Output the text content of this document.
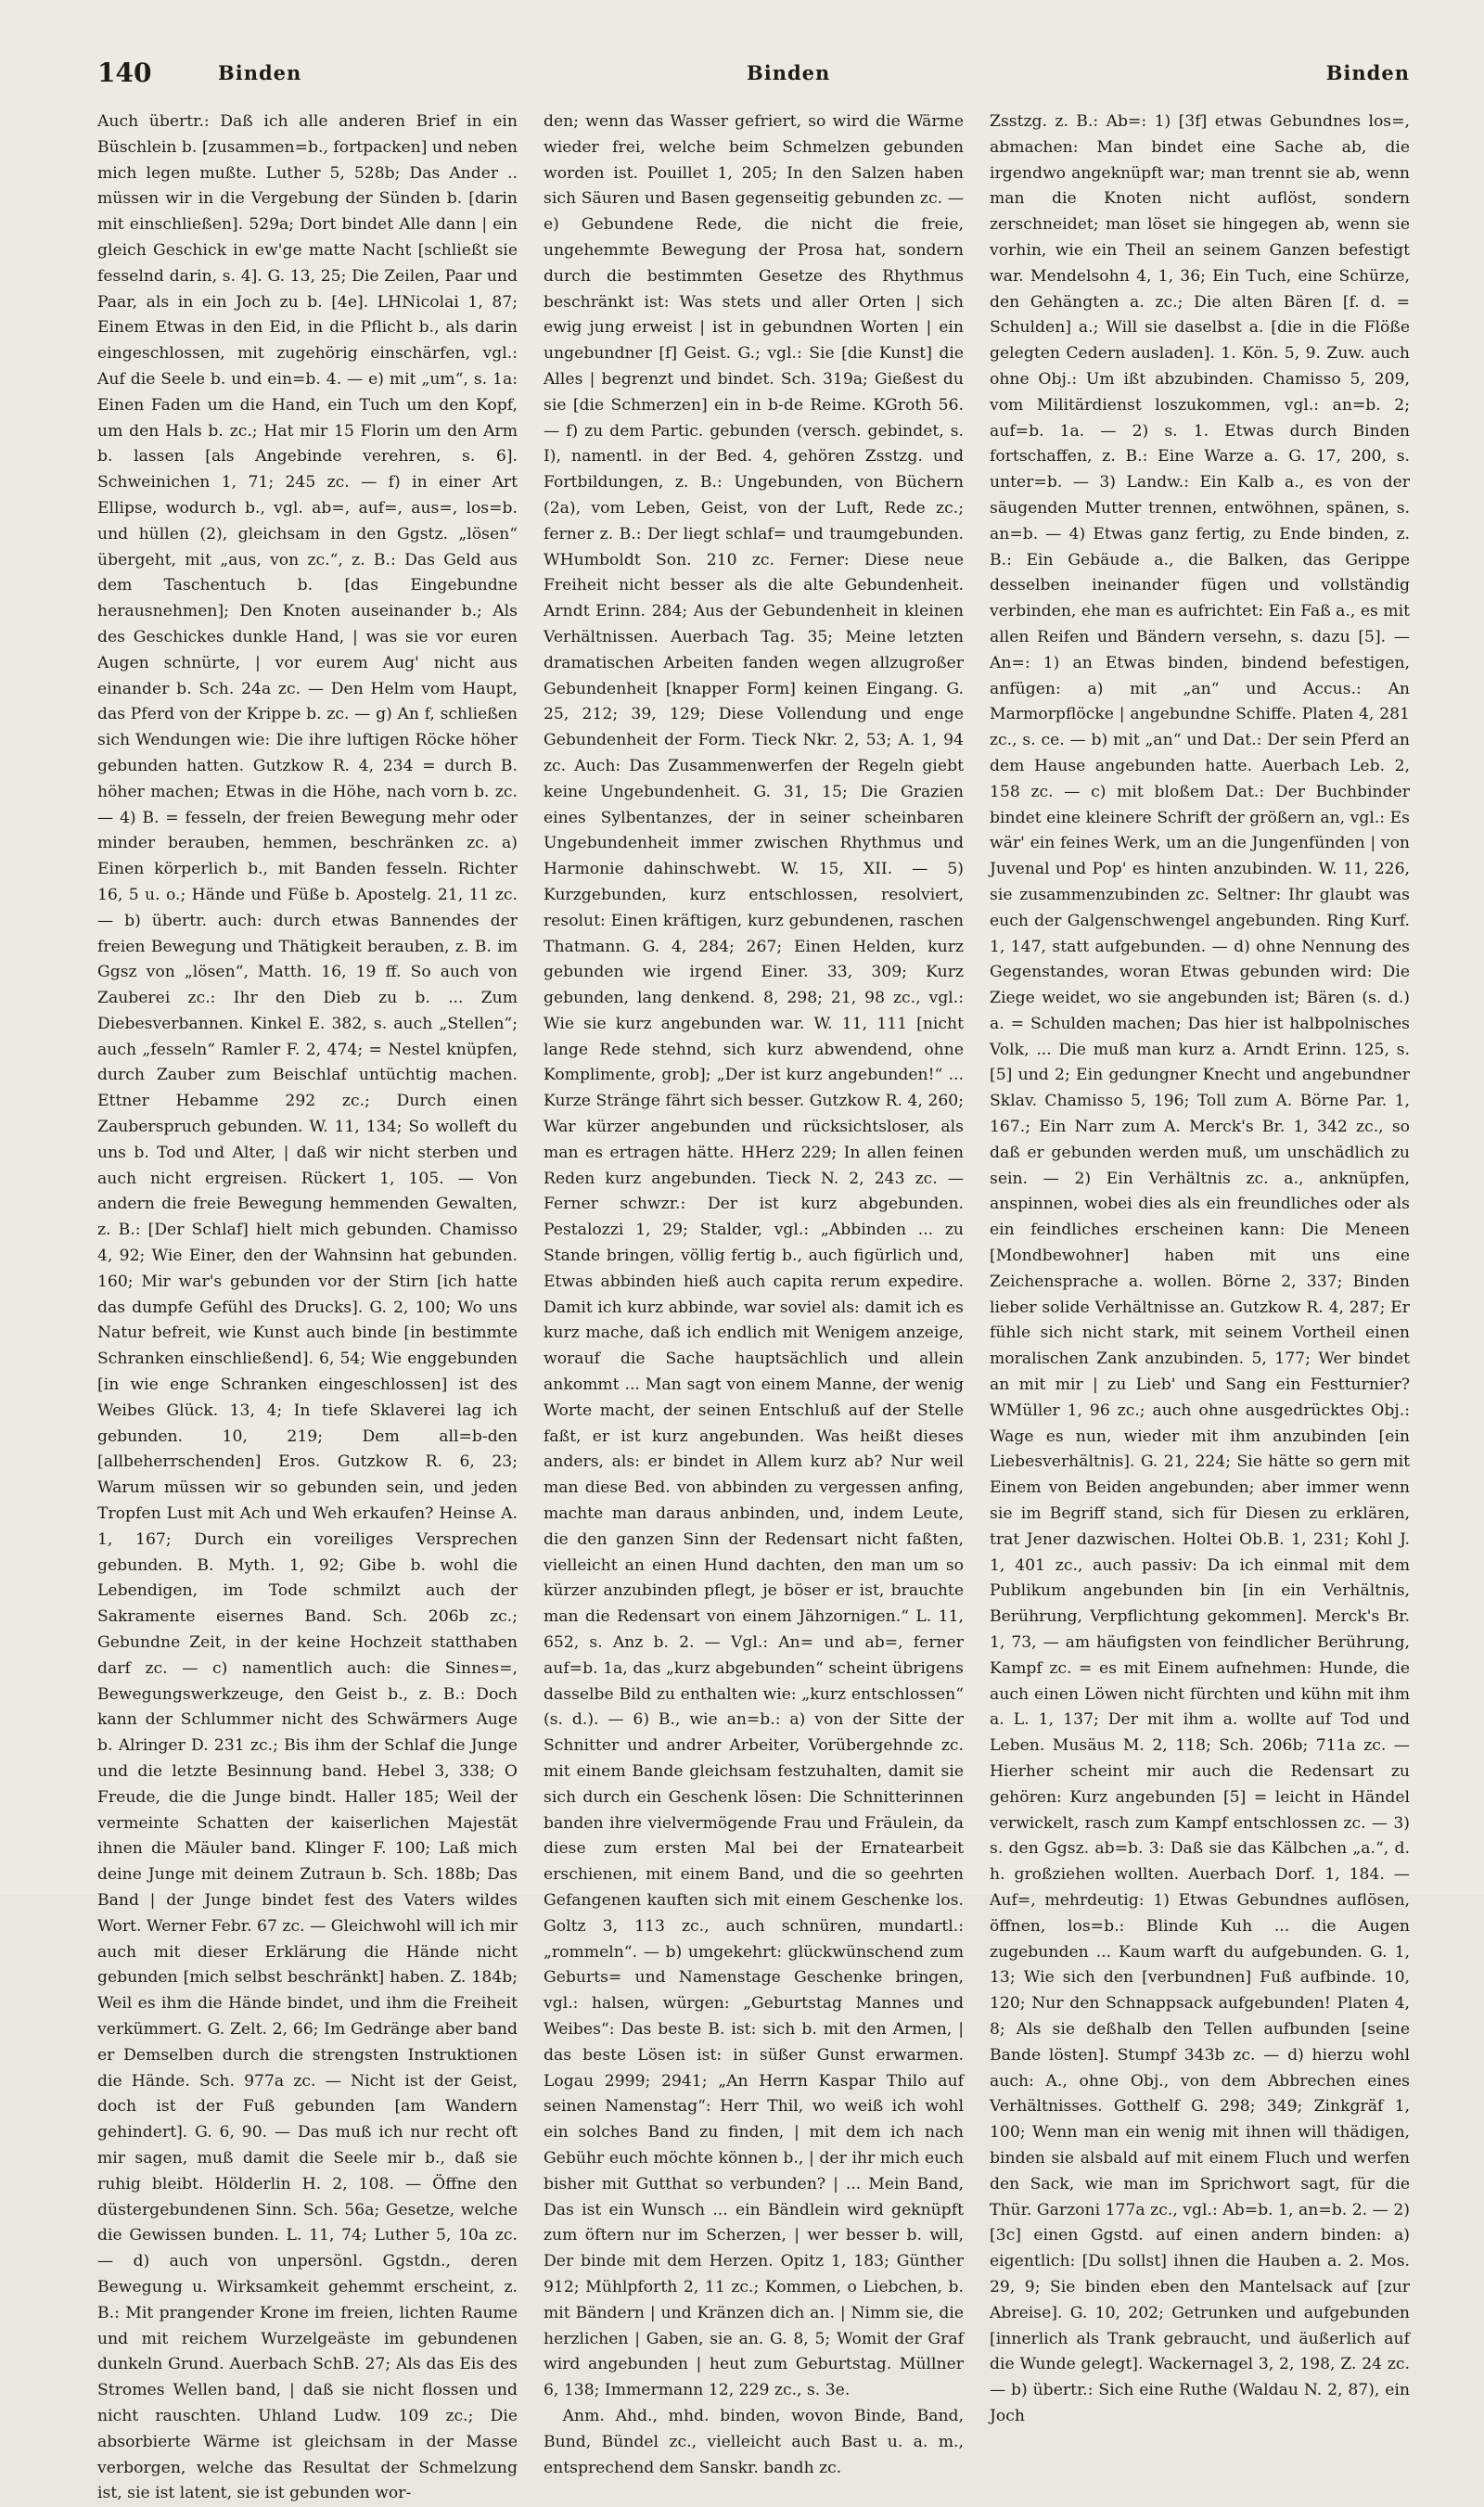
140	Binden	Binden	Binden

Auch übertr.: Daß ich alle anderen Brief in ein Büschlein b. [zusammen=b., fortpacken] und neben mich legen mußte. Luther 5, 528b; Das Ander .. müssen wir in die Vergebung der Sünden b. [darin mit einschließen]. 529a; Dort bindet Alle dann | ein gleich Geschick in ew'ge matte Nacht [schließt sie fesselnd darin, s. 4]. G. 13, 25; Die Zeilen, Paar und Paar, als in ein Joch zu b. [4e]. LHNicolai 1, 87; Einem Etwas in den Eid, in die Pflicht b., als darin eingeschlossen, mit zugehörig einschärfen, vgl.: Auf die Seele b. und ein=b. 4. — e) mit „um“, s. 1a: Einen Faden um die Hand, ein Tuch um den Kopf, um den Hals b. zc.; Hat mir 15 Florin um den Arm b. lassen [als Angebinde verehren, s. 6]. Schweinichen 1, 71; 245 zc. — f) in einer Art Ellipse, wodurch b., vgl. ab=, auf=, aus=, los=b. und hüllen (2), gleichsam in den Ggstz. „lösen“ übergeht, mit „aus, von zc.“, z. B.: Das Geld aus dem Taschentuch b. [das Eingebundne herausnehmen]; Den Knoten auseinander b.; Als des Geschickes dunkle Hand, | was sie vor euren Augen schnürte, | vor eurem Aug' nicht aus einander b. Sch. 24a zc. — Den Helm vom Haupt, das Pferd von der Krippe b. zc. — g) An f, schließen sich Wendungen wie: Die ihre luftigen Röcke höher gebunden hatten. Gutzkow R. 4, 234 = durch B. höher machen; Etwas in die Höhe, nach vorn b. zc. — 4) B. = fesseln, der freien Bewegung mehr oder minder berauben, hemmen, beschränken zc. a) Einen körperlich b., mit Banden fesseln. Richter 16, 5 u. o.; Hände und Füße b. Apostelg. 21, 11 zc. — b) übertr. auch: durch etwas Bannendes der freien Bewegung und Thätigkeit berauben, z. B. im Ggsz von „lösen“, Matth. 16, 19 ff. So auch von Zauberei zc.: Ihr den Dieb zu b. ... Zum Diebesverbannen. Kinkel E. 382, s. auch „Stellen“; auch „fesseln“ Ramler F. 2, 474; = Nestel knüpfen, durch Zauber zum Beischlaf untüchtig machen. Ettner Hebamme 292 zc.; Durch einen Zauberspruch gebunden. W. 11, 134; So wolleft du uns b. Tod und Alter, | daß wir nicht sterben und auch nicht ergreisen. Rückert 1, 105. — Von andern die freie Bewegung hemmenden Gewalten, z. B.: [Der Schlaf] hielt mich gebunden. Chamisso 4, 92; Wie Einer, den der Wahnsinn hat gebunden. 160; Mir war's gebunden vor der Stirn [ich hatte das dumpfe Gefühl des Drucks]. G. 2, 100; Wo uns Natur befreit, wie Kunst auch binde [in bestimmte Schranken einschließend]. 6, 54; Wie enggebunden [in wie enge Schranken eingeschlossen] ist des Weibes Glück. 13, 4; In tiefe Sklaverei lag ich gebunden. 10, 219; Dem all=b-den [allbeherrschenden] Eros. Gutzkow R. 6, 23; Warum müssen wir so gebunden sein, und jeden Tropfen Lust mit Ach und Weh erkaufen? Heinse A. 1, 167; Durch ein voreiliges Versprechen gebunden. B. Myth. 1, 92; Gibe b. wohl die Lebendigen, im Tode schmilzt auch der Sakramente eisernes Band. Sch. 206b zc.; Gebundne Zeit, in der keine Hochzeit statthaben darf zc. — c) namentlich auch: die Sinnes=, Bewegungswerkzeuge, den Geist b., z. B.: Doch kann der Schlummer nicht des Schwärmers Auge b. Alringer D. 231 zc.; Bis ihm der Schlaf die Junge und die letzte Besinnung band. Hebel 3, 338; O Freude, die die Junge bindt. Haller 185; Weil der vermeinte Schatten der kaiserlichen Majestät ihnen die Mäuler band. Klinger F. 100; Laß mich deine Junge mit deinem Zutraun b. Sch. 188b; Das Band | der Junge bindet fest des Vaters wildes Wort. Werner Febr. 67 zc. — Gleichwohl will ich mir auch mit dieser Erklärung die Hände nicht gebunden [mich selbst beschränkt] haben. Z. 184b; Weil es ihm die Hände bindet, und ihm die Freiheit verkümmert. G. Zelt. 2, 66; Im Gedränge aber band er Demselben durch die strengsten Instruktionen die Hände. Sch. 977a zc. — Nicht ist der Geist, doch ist der Fuß gebunden [am Wandern gehindert]. G. 6, 90. — Das muß ich nur recht oft mir sagen, muß damit die Seele mir b., daß sie ruhig bleibt. Hölderlin H. 2, 108. — Öffne den düstergebundenen Sinn. Sch. 56a; Gesetze, welche die Gewissen bunden. L. 11, 74; Luther 5, 10a zc. — d) auch von unpersönl. Ggstdn., deren Bewegung u. Wirksamkeit gehemmt erscheint, z. B.: Mit prangender Krone im freien, lichten Raume und mit reichem Wurzelgeäste im gebundenen dunkeln Grund. Auerbach SchB. 27; Als das Eis des Stromes Wellen band, | daß sie nicht flossen und nicht rauschten. Uhland Ludw. 109 zc.; Die absorbierte Wärme ist gleichsam in der Masse verborgen, welche das Resultat der Schmelzung ist, sie ist latent, sie ist gebunden wor-

den; wenn das Wasser gefriert, so wird die Wärme wieder frei, welche beim Schmelzen gebunden worden ist. Pouillet 1, 205; In den Salzen haben sich Säuren und Basen gegenseitig gebunden zc. — e) Gebundene Rede, die nicht die freie, ungehemmte Bewegung der Prosa hat, sondern durch die bestimmten Gesetze des Rhythmus beschränkt ist: Was stets und aller Orten | sich ewig jung erweist | ist in gebundnen Worten | ein ungebundner [f] Geist. G.; vgl.: Sie [die Kunst] die Alles | begrenzt und bindet. Sch. 319a; Gießest du sie [die Schmerzen] ein in b-de Reime. KGroth 56. — f) zu dem Partic. gebunden (versch. gebindet, s. I), namentl. in der Bed. 4, gehören Zsstzg. und Fortbildungen, z. B.: Ungebunden, von Büchern (2a), vom Leben, Geist, von der Luft, Rede zc.; ferner z. B.: Der liegt schlaf= und traumgebunden. WHumboldt Son. 210 zc. Ferner: Diese neue Freiheit nicht besser als die alte Gebundenheit. Arndt Erinn. 284; Aus der Gebundenheit in kleinen Verhältnissen. Auerbach Tag. 35; Meine letzten dramatischen Arbeiten fanden wegen allzugroßer Gebundenheit [knapper Form] keinen Eingang. G. 25, 212; 39, 129; Diese Vollendung und enge Gebundenheit der Form. Tieck Nkr. 2, 53; A. 1, 94 zc. Auch: Das Zusammenwerfen der Regeln giebt keine Ungebundenheit. G. 31, 15; Die Grazien eines Sylbentanzes, der in seiner scheinbaren Ungebundenheit immer zwischen Rhythmus und Harmonie dahinschwebt. W. 15, XII. — 5) Kurzgebunden, kurz entschlossen, resolviert, resolut: Einen kräftigen, kurz gebundenen, raschen Thatmann. G. 4, 284; 267; Einen Helden, kurz gebunden wie irgend Einer. 33, 309; Kurz gebunden, lang denkend. 8, 298; 21, 98 zc., vgl.: Wie sie kurz angebunden war. W. 11, 111 [nicht lange Rede stehnd, sich kurz abwendend, ohne Komplimente, grob]; „Der ist kurz angebunden!“ ... Kurze Stränge fährt sich besser. Gutzkow R. 4, 260; War kürzer angebunden und rücksichtsloser, als man es ertragen hätte. HHerz 229; In allen feinen Reden kurz angebunden. Tieck N. 2, 243 zc. — Ferner schwzr.: Der ist kurz abgebunden. Pestalozzi 1, 29; Stalder, vgl.: „Abbinden ... zu Stande bringen, völlig fertig b., auch figürlich und, Etwas abbinden hieß auch capita rerum expedire. Damit ich kurz abbinde, war soviel als: damit ich es kurz mache, daß ich endlich mit Wenigem anzeige, worauf die Sache hauptsächlich und allein ankommt ... Man sagt von einem Manne, der wenig Worte macht, der seinen Entschluß auf der Stelle faßt, er ist kurz angebunden. Was heißt dieses anders, als: er bindet in Allem kurz ab? Nur weil man diese Bed. von abbinden zu vergessen anfing, machte man daraus anbinden, und, indem Leute, die den ganzen Sinn der Redensart nicht faßten, vielleicht an einen Hund dachten, den man um so kürzer anzubinden pflegt, je böser er ist, brauchte man die Redensart von einem Jähzornigen.“ L. 11, 652, s. Anz b. 2. — Vgl.: An= und ab=, ferner auf=b. 1a, das „kurz abgebunden“ scheint übrigens dasselbe Bild zu enthalten wie: „kurz entschlossen“ (s. d.). — 6) B., wie an=b.: a) von der Sitte der Schnitter und andrer Arbeiter, Vorübergehnde zc. mit einem Bande gleichsam festzuhalten, damit sie sich durch ein Geschenk lösen: Die Schnitterinnen banden ihre vielvermögende Frau und Fräulein, da diese zum ersten Mal bei der Ernatearbeit erschienen, mit einem Band, und die so geehrten Gefangenen kauften sich mit einem Geschenke los. Goltz 3, 113 zc., auch schnüren, mundartl.: „rommeln“. — b) umgekehrt: glückwünschend zum Geburts= und Namenstage Geschenke bringen, vgl.: halsen, würgen: „Geburtstag Mannes und Weibes“: Das beste B. ist: sich b. mit den Armen, | das beste Lösen ist: in süßer Gunst erwarmen. Logau 2999; 2941; „An Herrn Kaspar Thilo auf seinen Namenstag“: Herr Thil, wo weiß ich wohl ein solches Band zu finden, | mit dem ich nach Gebühr euch möchte können b., | der ihr mich euch bisher mit Gutthat so verbunden? | ... Mein Band, Das ist ein Wunsch ... ein Bändlein wird geknüpft zum öftern nur im Scherzen, | wer besser b. will, Der binde mit dem Herzen. Opitz 1, 183; Günther 912; Mühlpforth 2, 11 zc.; Kommen, o Liebchen, b. mit Bändern | und Kränzen dich an. | Nimm sie, die herzlichen | Gaben, sie an. G. 8, 5; Womit der Graf wird angebunden | heut zum Geburtstag. Müllner 6, 138; Immermann 12, 229 zc., s. 3e.

Anm. Ahd., mhd. binden, wovon Binde, Band, Bund, Bündel zc., vielleicht auch Bast u. a. m., entsprechend dem Sanskr. bandh zc.

Zsstzg. z. B.: Ab=: 1) [3f] etwas Gebundnes los=, abmachen: Man bindet eine Sache ab, die irgendwo angeknüpft war; man trennt sie ab, wenn man die Knoten nicht auflöst, sondern zerschneidet; man löset sie hingegen ab, wenn sie vorhin, wie ein Theil an seinem Ganzen befestigt war. Mendelsohn 4, 1, 36; Ein Tuch, eine Schürze, den Gehängten a. zc.; Die alten Bären [f. d. = Schulden] a.; Will sie daselbst a. [die in die Flöße gelegten Cedern ausladen]. 1. Kön. 5, 9. Zuw. auch ohne Obj.: Um ißt abzubinden. Chamisso 5, 209, vom Militärdienst loszukommen, vgl.: an=b. 2; auf=b. 1a. — 2) s. 1. Etwas durch Binden fortschaffen, z. B.: Eine Warze a. G. 17, 200, s. unter=b. — 3) Landw.: Ein Kalb a., es von der säugenden Mutter trennen, entwöhnen, spänen, s. an=b. — 4) Etwas ganz fertig, zu Ende binden, z. B.: Ein Gebäude a., die Balken, das Gerippe desselben ineinander fügen und vollständig verbinden, ehe man es aufrichtet: Ein Faß a., es mit allen Reifen und Bändern versehn, s. dazu [5]. — An=: 1) an Etwas binden, bindend befestigen, anfügen: a) mit „an“ und Accus.: An Marmorpflöcke | angebundne Schiffe. Platen 4, 281 zc., s. ce. — b) mit „an“ und Dat.: Der sein Pferd an dem Hause angebunden hatte. Auerbach Leb. 2, 158 zc. — c) mit bloßem Dat.: Der Buchbinder bindet eine kleinere Schrift der größern an, vgl.: Es wär' ein feines Werk, um an die Jungenfünden | von Juvenal und Pop' es hinten anzubinden. W. 11, 226, sie zusammenzubinden zc. Seltner: Ihr glaubt was euch der Galgenschwengel angebunden. Ring Kurf. 1, 147, statt aufgebunden. — d) ohne Nennung des Gegenstandes, woran Etwas gebunden wird: Die Ziege weidet, wo sie angebunden ist; Bären (s. d.) a. = Schulden machen; Das hier ist halbpolnisches Volk, ... Die muß man kurz a. Arndt Erinn. 125, s. [5] und 2; Ein gedungner Knecht und angebundner Sklav. Chamisso 5, 196; Toll zum A. Börne Par. 1, 167.; Ein Narr zum A. Merck's Br. 1, 342 zc., so daß er gebunden werden muß, um unschädlich zu sein. — 2) Ein Verhältnis zc. a., anknüpfen, anspinnen, wobei dies als ein freundliches oder als ein feindliches erscheinen kann: Die Meneen [Mondbewohner] haben mit uns eine Zeichensprache a. wollen. Börne 2, 337; Binden lieber solide Verhältnisse an. Gutzkow R. 4, 287; Er fühle sich nicht stark, mit seinem Vortheil einen moralischen Zank anzubinden. 5, 177; Wer bindet an mit mir | zu Lieb' und Sang ein Festturnier? WMüller 1, 96 zc.; auch ohne ausgedrücktes Obj.: Wage es nun, wieder mit ihm anzubinden [ein Liebesverhältnis]. G. 21, 224; Sie hätte so gern mit Einem von Beiden angebunden; aber immer wenn sie im Begriff stand, sich für Diesen zu erklären, trat Jener dazwischen. Holtei Ob.B. 1, 231; Kohl J. 1, 401 zc., auch passiv: Da ich einmal mit dem Publikum angebunden bin [in ein Verhältnis, Berührung, Verpflichtung gekommen]. Merck's Br. 1, 73, — am häufigsten von feindlicher Berührung, Kampf zc. = es mit Einem aufnehmen: Hunde, die auch einen Löwen nicht fürchten und kühn mit ihm a. L. 1, 137; Der mit ihm a. wollte auf Tod und Leben. Musäus M. 2, 118; Sch. 206b; 711a zc. — Hierher scheint mir auch die Redensart zu gehören: Kurz angebunden [5] = leicht in Händel verwickelt, rasch zum Kampf entschlossen zc. — 3) s. den Ggsz. ab=b. 3: Daß sie das Kälbchen „a.“, d. h. großziehen wollten. Auerbach Dorf. 1, 184. — Auf=, mehrdeutig: 1) Etwas Gebundnes auflösen, öffnen, los=b.: Blinde Kuh ... die Augen zugebunden ... Kaum warft du aufgebunden. G. 1, 13; Wie sich den [verbundnen] Fuß aufbinde. 10, 120; Nur den Schnappsack aufgebunden! Platen 4, 8; Als sie deßhalb den Tellen aufbunden [seine Bande lösten]. Stumpf 343b zc. — d) hierzu wohl auch: A., ohne Obj., von dem Abbrechen eines Verhältnisses. Gotthelf G. 298; 349; Zinkgräf 1, 100; Wenn man ein wenig mit ihnen will thädigen, binden sie alsbald auf mit einem Fluch und werfen den Sack, wie man im Sprichwort sagt, für die Thür. Garzoni 177a zc., vgl.: Ab=b. 1, an=b. 2. — 2) [3c] einen Ggstd. auf einen andern binden: a) eigentlich: [Du sollst] ihnen die Hauben a. 2. Mos. 29, 9; Sie binden eben den Mantelsack auf [zur Abreise]. G. 10, 202; Getrunken und aufgebunden [innerlich als Trank gebraucht, und äußerlich auf die Wunde gelegt]. Wackernagel 3, 2, 198, Z. 24 zc. — b) übertr.: Sich eine Ruthe (Waldau N. 2, 87), ein Joch
